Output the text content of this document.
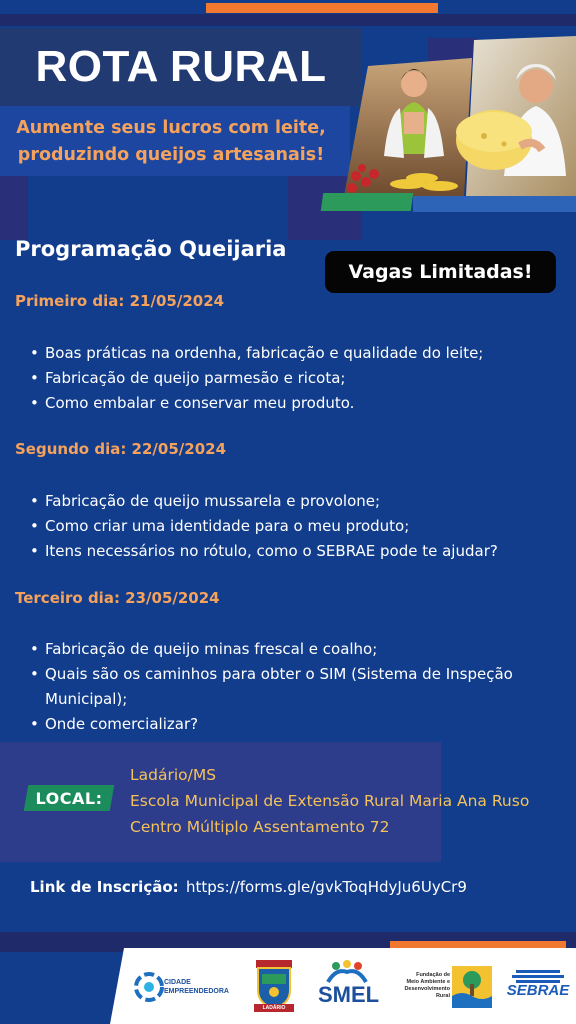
ROTA RURAL
Aumente seus lucros com leite,
produzindo queijos artesanais!
Programação Queijaria
Vagas Limitadas!
Primeiro dia: 21/05/2024
• Boas práticas na ordenha, fabricação e qualidade do leite;
• Fabricação de queijo parmesão e ricota;
• Como embalar e conservar meu produto.
Segundo dia: 22/05/2024
• Fabricação de queijo mussarela e provolone;
• Como criar uma identidade para o meu produto;
• Itens necessários no rótulo, como o SEBRAE pode te ajudar?
Terceiro dia: 23/05/2024
• Fabricação de queijo minas frescal e coalho;
• Quais são os caminhos para obter o SIM (Sistema de Inspeção Municipal);
• Onde comercializar?
LOCAL:
Ladário/MS
Escola Municipal de Extensão Rural Maria Ana Ruso
Centro Múltiplo Assentamento 72
Link de Inscrição: https://forms.gle/gvkToqHdyJu6UyCr9
CIDADE
EMPREENDEDORA
LADÁRIO
SMEL
Fundação de
Meio Ambiente e
Desenvolvimento Rural	SEBRAE
